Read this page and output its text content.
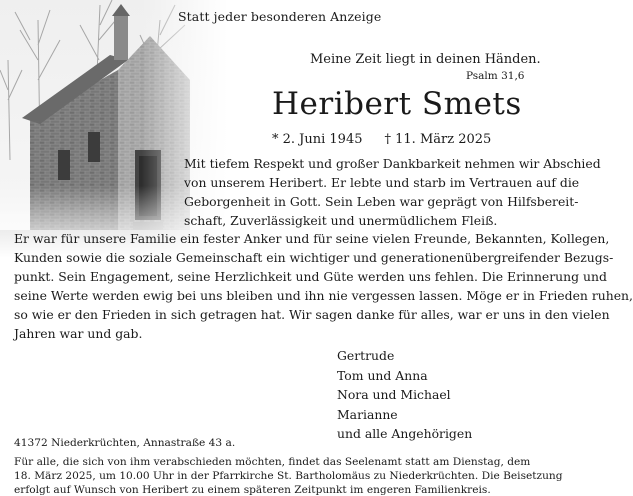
Statt jeder besonderen Anzeige
Meine Zeit liegt in deinen Händen.
Psalm 31,6
Heribert Smets
* 2. Juni 1945 † 11. März 2025
Mit tiefem Respekt und großer Dankbarkeit nehmen wir Abschied
von unserem Heribert. Er lebte und starb im Vertrauen auf die
Geborgenheit in Gott. Sein Leben war geprägt von Hilfsbereit-
schaft, Zuverlässigkeit und unermüdlichem Fleiß.
Er war für unsere Familie ein fester Anker und für seine vielen Freunde, Bekannten, Kollegen,
Kunden sowie die soziale Gemeinschaft ein wichtiger und generationenübergreifender Bezugs-
punkt. Sein Engagement, seine Herzlichkeit und Güte werden uns fehlen. Die Erinnerung und
seine Werte werden ewig bei uns bleiben und ihn nie vergessen lassen. Möge er in Frieden ruhen,
so wie er den Frieden in sich getragen hat. Wir sagen danke für alles, war er uns in den vielen
Jahren war und gab.
Gertrude
Tom und Anna
Nora und Michael
Marianne
und alle Angehörigen
41372 Niederkrüchten, Annastraße 43 a.
Für alle, die sich von ihm verabschieden möchten, findet das Seelenamt statt am Dienstag, dem
18. März 2025, um 10.00 Uhr in der Pfarrkirche St. Bartholomäus zu Niederkrüchten. Die Beisetzung
erfolgt auf Wunsch von Heribert zu einem späteren Zeitpunkt im engeren Familienkreis.
